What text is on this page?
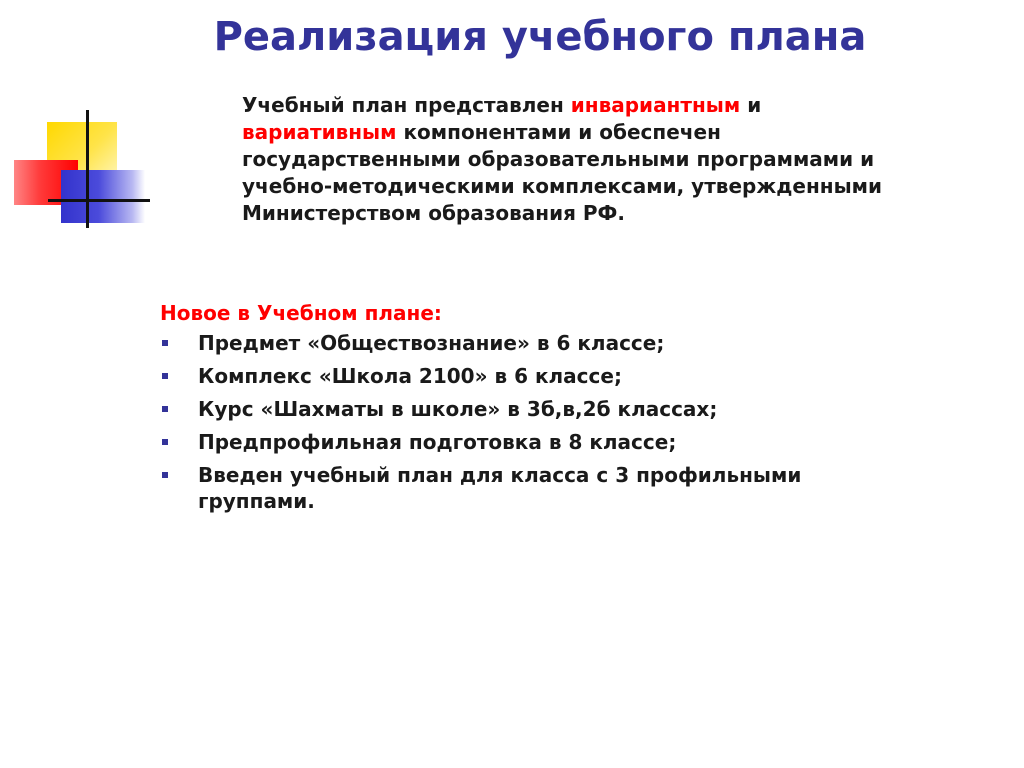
Реализация учебного плана

Учебный план представлен инвариантным и
вариативным компонентами и обеспечен государственными образовательными программами и учебно-методическими комплексами, утвержденными Министерством образования РФ.

Новое в Учебном плане:

Предмет «Обществознание» в 6 классе;
Комплекс «Школа 2100» в 6 классе;
Курс «Шахматы в школе» в 3б,в,2б классах;
Предпрофильная подготовка в 8 классе;
Введен учебный план для класса с 3 профильными группами.
